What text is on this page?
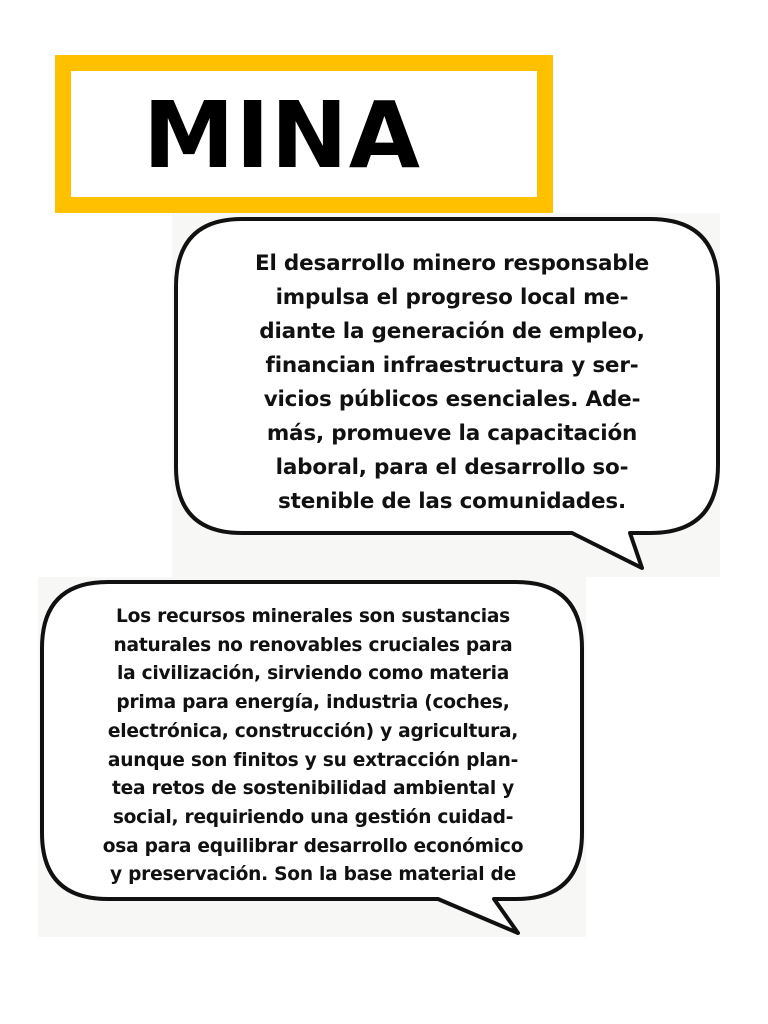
MINA

El desarrollo minero responsable
impulsa el progreso local me-
diante la generación de empleo,
financian infraestructura y ser-
vicios públicos esenciales. Ade-
más, promueve la capacitación
laboral, para el desarrollo so-
stenible de las comunidades.

Los recursos minerales son sustancias
naturales no renovables cruciales para
la civilización, sirviendo como materia
prima para energía, industria (coches,
electrónica, construcción) y agricultura,
aunque son finitos y su extracción plan-
tea retos de sostenibilidad ambiental y
social, requiriendo una gestión cuidad-
osa para equilibrar desarrollo económico
y preservación. Son la base material de
